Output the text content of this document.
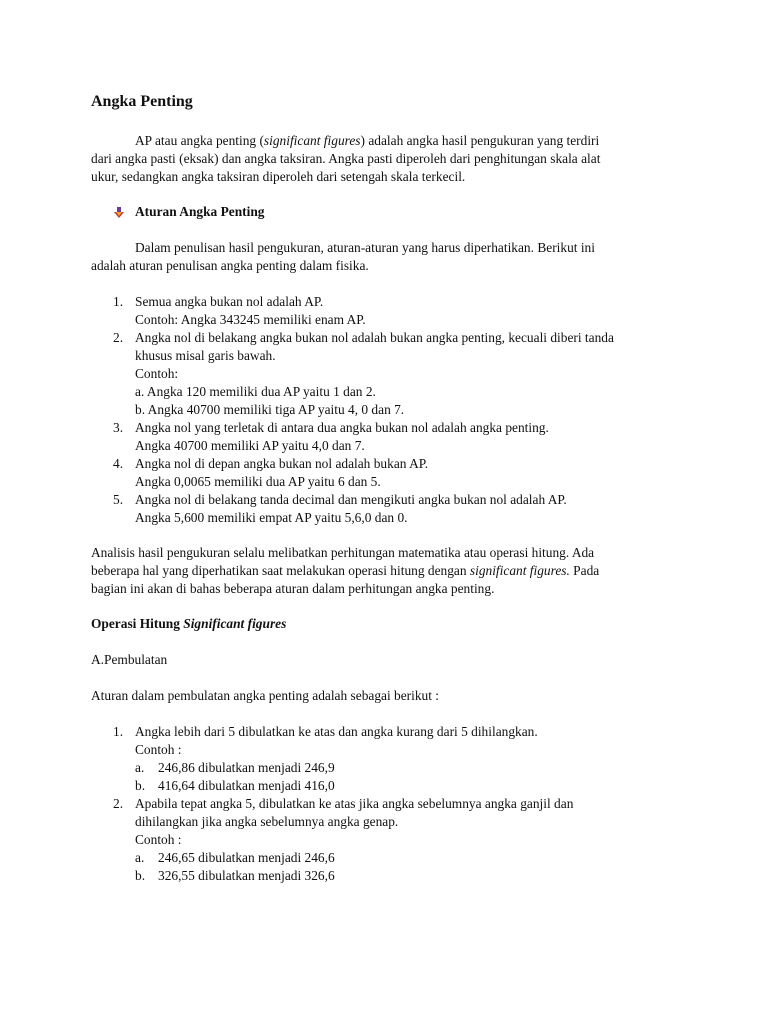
Angka Penting
AP atau angka penting (significant figures) adalah angka hasil pengukuran yang terdiri
dari angka pasti (eksak) dan angka taksiran. Angka pasti diperoleh dari penghitungan skala alat
ukur, sedangkan angka taksiran diperoleh dari setengah skala terkecil.
Aturan Angka Penting
Dalam penulisan hasil pengukuran, aturan-aturan yang harus diperhatikan. Berikut ini
adalah aturan penulisan angka penting dalam fisika.
1. Semua angka bukan nol adalah AP.
Contoh: Angka 343245 memiliki enam AP.
2. Angka nol di belakang angka bukan nol adalah bukan angka penting, kecuali diberi tanda
khusus misal garis bawah.
Contoh:
a. Angka 120 memiliki dua AP yaitu 1 dan 2.
b. Angka 40700 memiliki tiga AP yaitu 4, 0 dan 7.
3. Angka nol yang terletak di antara dua angka bukan nol adalah angka penting.
Angka 40700 memiliki AP yaitu 4,0 dan 7.
4. Angka nol di depan angka bukan nol adalah bukan AP.
Angka 0,0065 memiliki dua AP yaitu 6 dan 5.
5. Angka nol di belakang tanda decimal dan mengikuti angka bukan nol adalah AP.
Angka 5,600 memiliki empat AP yaitu 5,6,0 dan 0.
Analisis hasil pengukuran selalu melibatkan perhitungan matematika atau operasi hitung. Ada
beberapa hal yang diperhatikan saat melakukan operasi hitung dengan significant figures. Pada
bagian ini akan di bahas beberapa aturan dalam perhitungan angka penting.
Operasi Hitung Significant figures
A.Pembulatan
Aturan dalam pembulatan angka penting adalah sebagai berikut :
1. Angka lebih dari 5 dibulatkan ke atas dan angka kurang dari 5 dihilangkan.
Contoh :
a. 246,86 dibulatkan menjadi 246,9
b. 416,64 dibulatkan menjadi 416,0
2. Apabila tepat angka 5, dibulatkan ke atas jika angka sebelumnya angka ganjil dan
dihilangkan jika angka sebelumnya angka genap.
Contoh :
a. 246,65 dibulatkan menjadi 246,6
b. 326,55 dibulatkan menjadi 326,6
